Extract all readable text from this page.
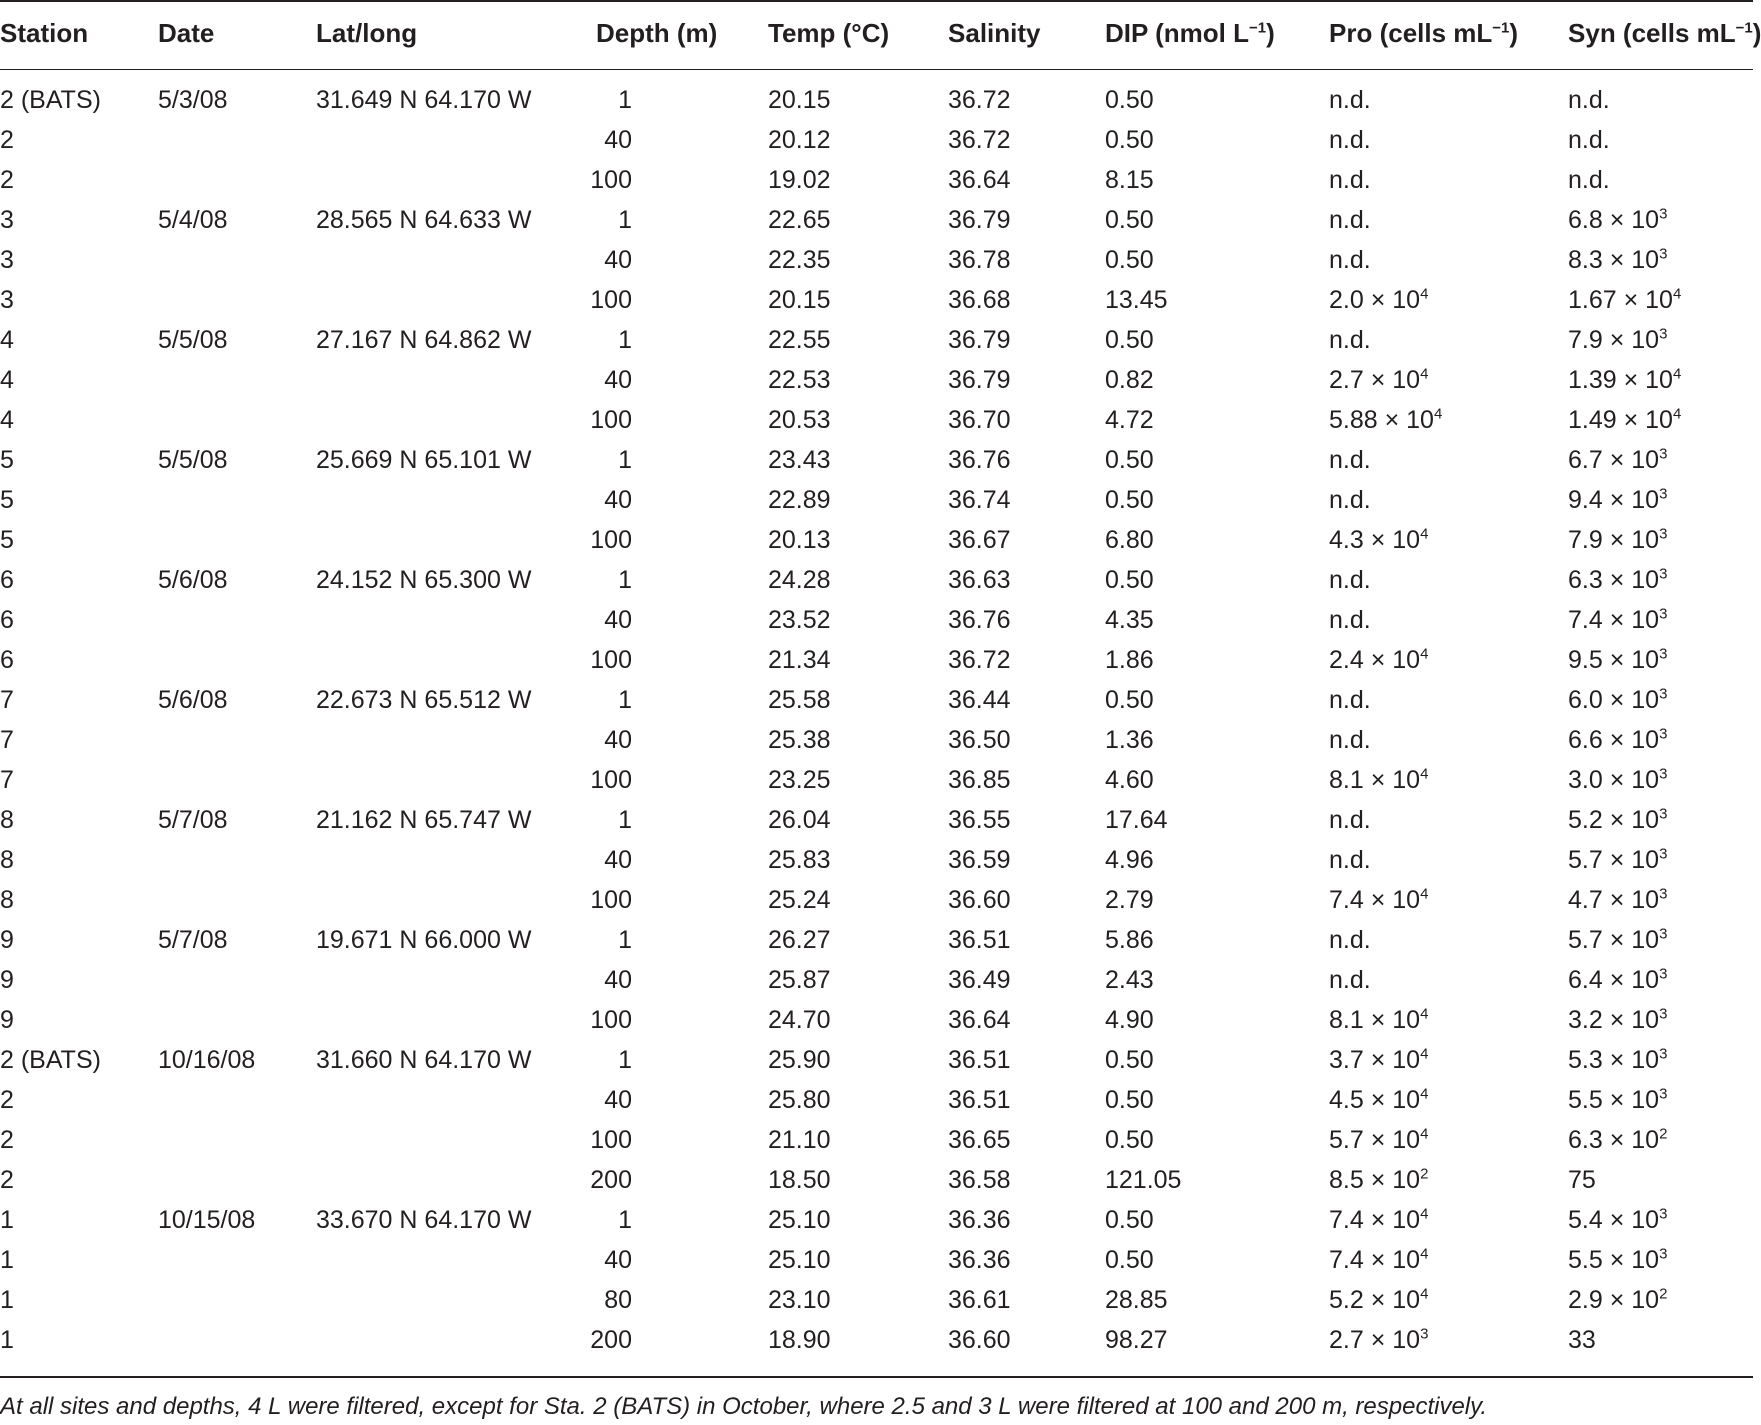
Station	Date	Lat/long	Depth (m)	Temp (°C)	Salinity	DIP (nmol $L^{-1}$)	Pro (cells $mL^{-1}$)	Syn (cells $mL^{-1}$)
2 (BATS)	5/3/08	31.649 N 64.170 W	1		20.15	36.72	0.50	n.d.	n.d.
2			40		20.12	36.72	0.50	n.d.	n.d.
2			100		19.02	36.64	8.15	n.d.	n.d.
3	5/4/08	28.565 N 64.633 W	1		22.65	36.79	0.50	n.d.	$6.8 \times 10^3$
3			40		22.35	36.78	0.50	n.d.	$8.3 \times 10^3$
3			100		20.15	36.68	13.45	$2.0 \times 10^4$	$1.67 \times 10^4$
4	5/5/08	27.167 N 64.862 W	1		22.55	36.79	0.50	n.d.	$7.9 \times 10^3$
4			40		22.53	36.79	0.82	$2.7 \times 10^4$	$1.39 \times 10^4$
4			100		20.53	36.70	4.72	$5.88 \times 10^4$	$1.49 \times 10^4$
5	5/5/08	25.669 N 65.101 W	1		23.43	36.76	0.50	n.d.	$6.7 \times 10^3$
5			40		22.89	36.74	0.50	n.d.	$9.4 \times 10^3$
5			100		20.13	36.67	6.80	$4.3 \times 10^4$	$7.9 \times 10^3$
6	5/6/08	24.152 N 65.300 W	1		24.28	36.63	0.50	n.d.	$6.3 \times 10^3$
6			40		23.52	36.76	4.35	n.d.	$7.4 \times 10^3$
6			100		21.34	36.72	1.86	$2.4 \times 10^4$	$9.5 \times 10^3$
7	5/6/08	22.673 N 65.512 W	1		25.58	36.44	0.50	n.d.	$6.0 \times 10^3$
7			40		25.38	36.50	1.36	n.d.	$6.6 \times 10^3$
7			100		23.25	36.85	4.60	$8.1 \times 10^4$	$3.0 \times 10^3$
8	5/7/08	21.162 N 65.747 W	1		26.04	36.55	17.64	n.d.	$5.2 \times 10^3$
8			40		25.83	36.59	4.96	n.d.	$5.7 \times 10^3$
8			100		25.24	36.60	2.79	$7.4 \times 10^4$	$4.7 \times 10^3$
9	5/7/08	19.671 N 66.000 W	1		26.27	36.51	5.86	n.d.	$5.7 \times 10^3$
9			40		25.87	36.49	2.43	n.d.	$6.4 \times 10^3$
9			100		24.70	36.64	4.90	$8.1 \times 10^4$	$3.2 \times 10^3$
2 (BATS)	10/16/08	31.660 N 64.170 W	1		25.90	36.51	0.50	$3.7 \times 10^4$	$5.3 \times 10^3$
2			40		25.80	36.51	0.50	$4.5 \times 10^4$	$5.5 \times 10^3$
2			100		21.10	36.65	0.50	$5.7 \times 10^4$	$6.3 \times 10^2$
2			200		18.50	36.58	121.05	$8.5 \times 10^2$	75
1	10/15/08	33.670 N 64.170 W	1		25.10	36.36	0.50	$7.4 \times 10^4$	$5.4 \times 10^3$
1			40		25.10	36.36	0.50	$7.4 \times 10^4$	$5.5 \times 10^3$
1			80		23.10	36.61	28.85	$5.2 \times 10^4$	$2.9 \times 10^2$
1			200		18.90	36.60	98.27	$2.7 \times 10^3$	33
At all sites and depths, 4 L were filtered, except for Sta. 2 (BATS) in October, where 2.5 and 3 L were filtered at 100 and 200 m, respectively.
